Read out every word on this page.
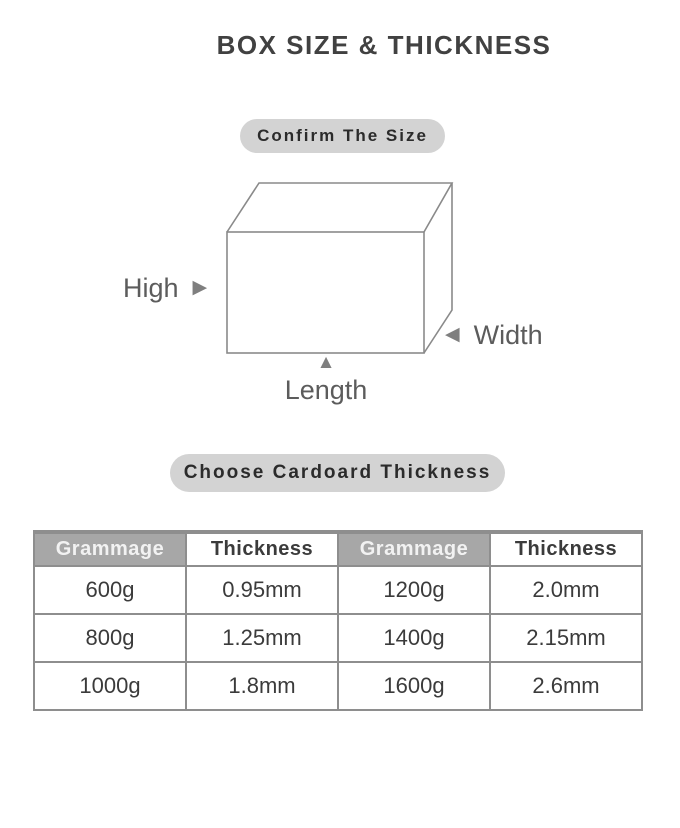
BOX SIZE & THICKNESS
Confirm The Size
High ▶
◀ Width
▲
Length
Choose Cardoard Thickness
Grammage	Thickness	Grammage	Thickness
600g	0.95mm	1200g	2.0mm
800g	1.25mm	1400g	2.15mm
1000g	1.8mm	1600g	2.6mm
